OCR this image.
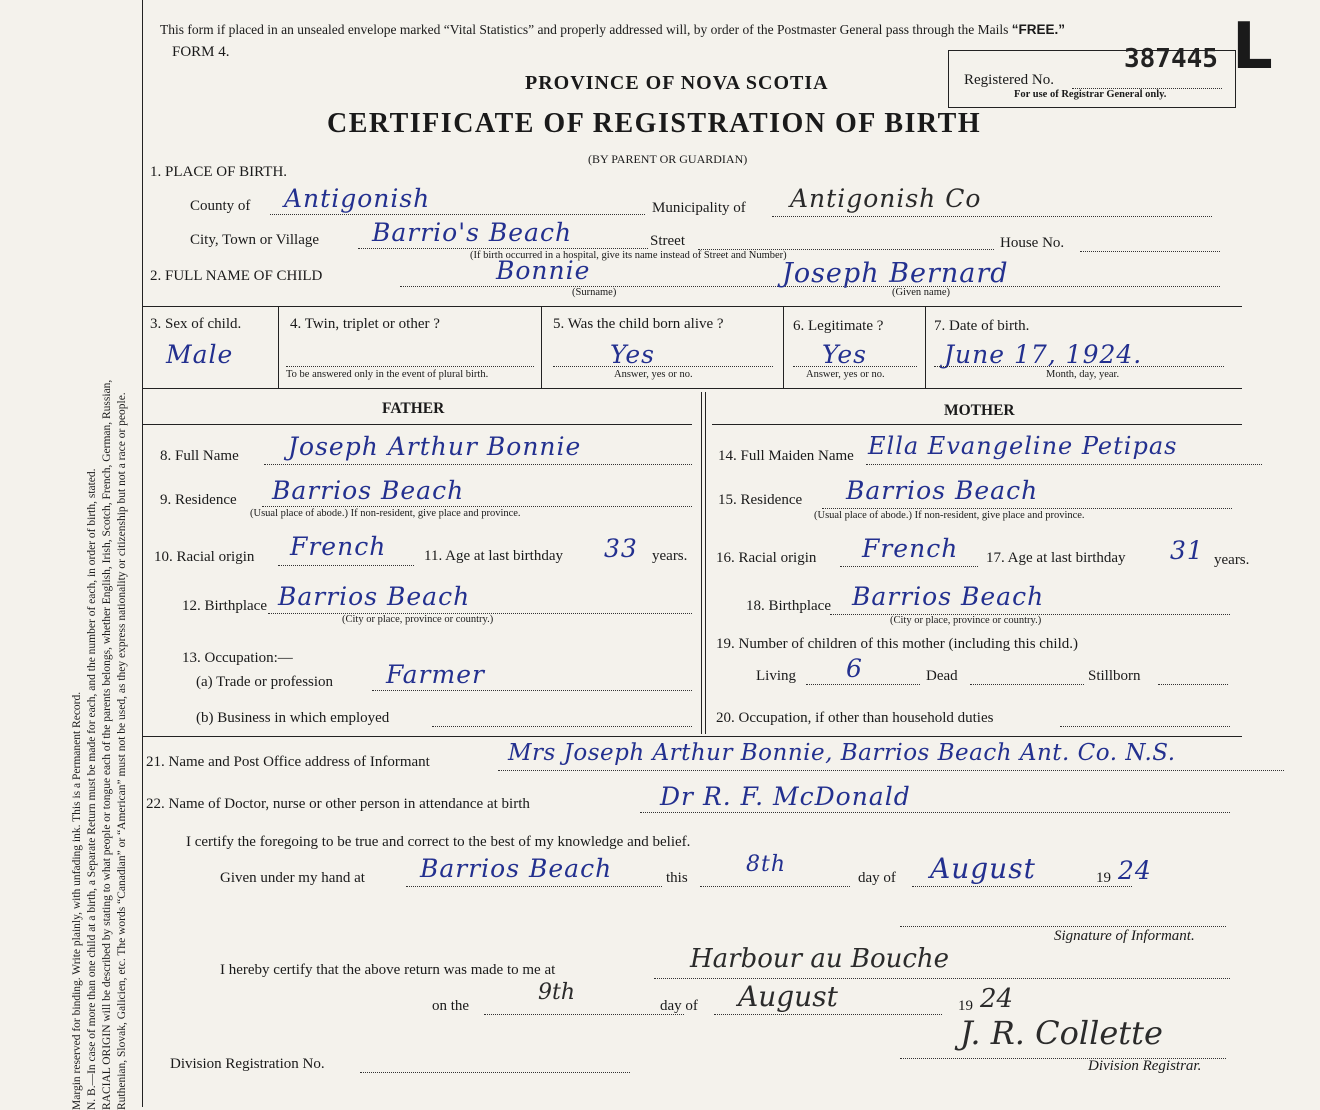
Margin reserved for binding. Write plainly, with unfading ink. This is a Permanent Record. N. B.—In case of more than one child at a birth, a Separate Return must be made for each, and the number of each, in order of birth, stated. RACIAL ORIGIN will be described by stating to what people or tongue each of the parents belongs, whether English, Irish, Scotch, French, German, Russian, Ruthenian, Slovak, Galicien, etc. The words “Canadian” or “American” must not be used, as they express nationality or citizenship but not a race or people.
This form if placed in an unsealed envelope marked “Vital Statistics” and properly addressed will, by order of the Postmaster General pass through the Mails “FREE.”
FORM 4.
PROVINCE OF NOVA SCOTIA
CERTIFICATE OF REGISTRATION OF BIRTH
(BY PARENT OR GUARDIAN)
Registered No.
387445
For use of Registrar General only.
L
1. PLACE OF BIRTH.
County of Antigonish	Municipality of Antigonish Co
City, Town or Village Barrio's Beach	Street	House No.
(If birth occurred in a hospital, give its name instead of Street and Number)
2. FULL NAME OF CHILD	Bonnie
(Surname)
Joseph Bernard
(Given name)
3. Sex of child.
Male
4. Twin, triplet or other ?
To be answered only in the event of plural birth.
5. Was the child born alive ?
Yes
Answer, yes or no.
6. Legitimate ?
Yes
Answer, yes or no.
7. Date of birth.
June 17, 1924.
Month, day, year.
FATHER	MOTHER
8. Full Name Joseph Arthur Bonnie
9. Residence Barrios Beach
(Usual place of abode.) If non-resident, give place and province.
10. Racial origin French	11. Age at last birthday 33 years.
12. Birthplace Barrios Beach
(City or place, province or country.)
13. Occupation:—
(a) Trade or profession Farmer
(b) Business in which employed
14. Full Maiden Name Ella Evangeline Petipas
15. Residence Barrios Beach
(Usual place of abode.) If non-resident, give place and province.
16. Racial origin French 17. Age at last birthday 31 years.
18. Birthplace Barrios Beach
(City or place, province or country.)
19. Number of children of this mother (including this child.)
Living 6	Dead	Stillborn
20. Occupation, if other than household duties
21. Name and Post Office address of Informant	Mrs Joseph Arthur Bonnie, Barrios Beach Ant. Co. N.S.
22. Name of Doctor, nurse or other person in attendance at birth	Dr R. F. McDonald
I certify the foregoing to be true and correct to the best of my knowledge and belief.
Given under my hand at Barrios Beach	this
8th
day of August	19 24
Signature of Informant.
I hereby certify that the above return was made to me at	Harbour au Bouche
on the
9th
day of August	19 24
Division Registration No.
J. R. Collette
Division Registrar.
